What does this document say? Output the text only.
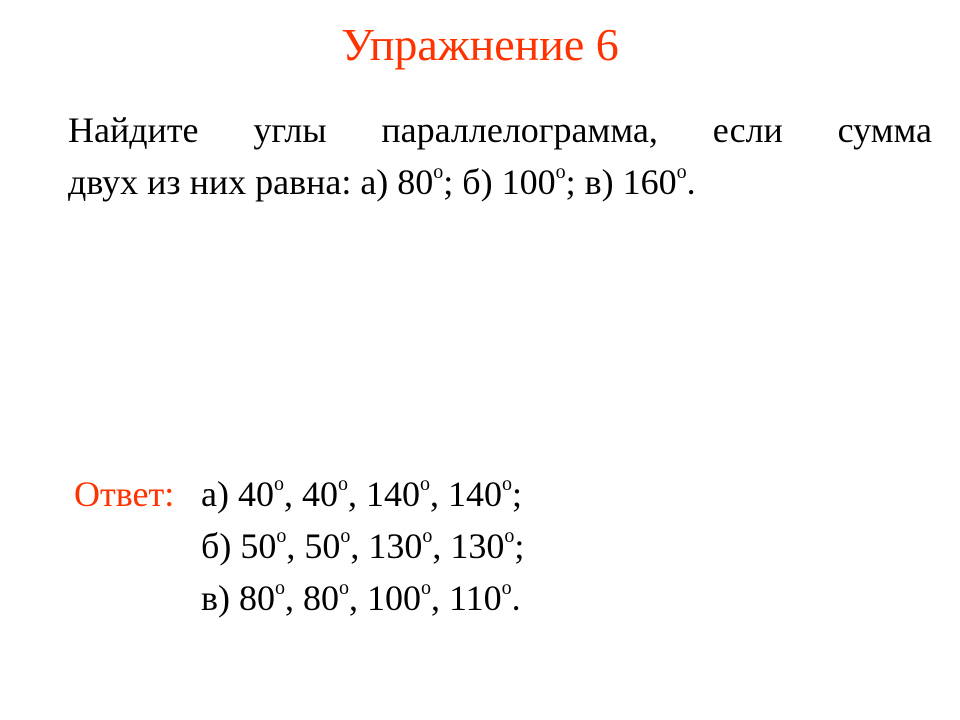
Упражнение 6
Найдите углы параллелограмма, если сумма
двух из них равна: а) $80^о$; б) $100^о$; в) $160^о$.
Ответ: а) $40^о$, $40^о$, $140^о$, $140^о$;
б) $50^о$, $50^о$, $130^о$, $130^о$;
в) $80^о$, $80^о$, $100^о$, $110^о$.
